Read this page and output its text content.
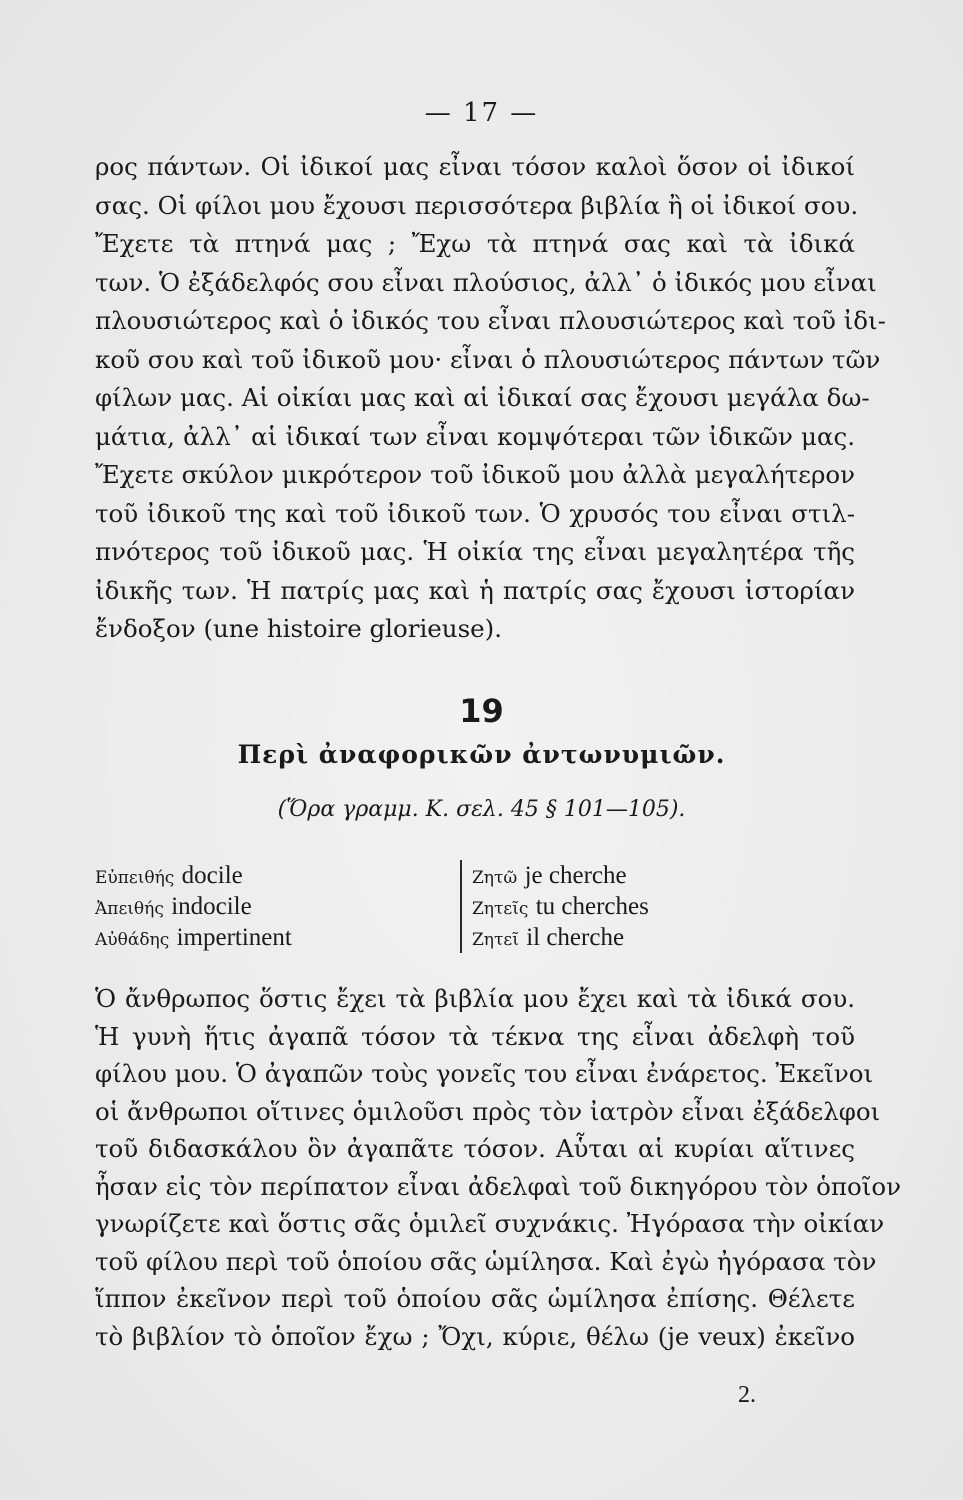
— 17 —
ρος πάντων. Οἱ ἰδικοί μας εἶναι τόσον καλοὶ ὅσον οἱ ἰδικοί
σας. Οἱ φίλοι μου ἔχουσι περισσότερα βιβλία ἢ οἱ ἰδικοί σου.
Ἔχετε τὰ πτηνά μας ; Ἔχω τὰ πτηνά σας καὶ τὰ ἰδικά
των. Ὁ ἐξάδελφός σου εἶναι πλούσιος, ἀλλ᾽ ὁ ἰδικός μου εἶναι
πλουσιώτερος καὶ ὁ ἰδικός του εἶναι πλουσιώτερος καὶ τοῦ ἰδι-
κοῦ σου καὶ τοῦ ἰδικοῦ μου· εἶναι ὁ πλουσιώτερος πάντων τῶν
φίλων μας. Αἱ οἰκίαι μας καὶ αἱ ἰδικαί σας ἔχουσι μεγάλα δω-
μάτια, ἀλλ᾽ αἱ ἰδικαί των εἶναι κομψότεραι τῶν ἰδικῶν μας.
Ἔχετε σκύλον μικρότερον τοῦ ἰδικοῦ μου ἀλλὰ μεγαλήτερον
τοῦ ἰδικοῦ της καὶ τοῦ ἰδικοῦ των. Ὁ χρυσός του εἶναι στιλ-
πνότερος τοῦ ἰδικοῦ μας. Ἡ οἰκία της εἶναι μεγαλητέρα τῆς
ἰδικῆς των. Ἡ πατρίς μας καὶ ἡ πατρίς σας ἔχουσι ἱστορίαν
ἔνδοξον (une histoire glorieuse).
19
Περὶ ἀναφορικῶν ἀντωνυμιῶν.
(Ὅρα γραμμ. Κ. σελ. 45 § 101—105).
Εὐπειθής docile
Ἀπειθής indocile
Αὐθάδης impertinent
Ζητῶ je cherche
Ζητεῖς tu cherches
Ζητεῖ il cherche
Ὁ ἄνθρωπος ὅστις ἔχει τὰ βιβλία μου ἔχει καὶ τὰ ἰδικά σου.
Ἡ γυνὴ ἥτις ἀγαπᾶ τόσον τὰ τέκνα της εἶναι ἀδελφὴ τοῦ
φίλου μου. Ὁ ἀγαπῶν τοὺς γονεῖς του εἶναι ἐνάρετος. Ἐκεῖνοι
οἱ ἄνθρωποι οἵτινες ὁμιλοῦσι πρὸς τὸν ἰατρὸν εἶναι ἐξάδελφοι
τοῦ διδασκάλου ὃν ἀγαπᾶτε τόσον. Αὗται αἱ κυρίαι αἵτινες
ἦσαν εἰς τὸν περίπατον εἶναι ἀδελφαὶ τοῦ δικηγόρου τὸν ὁποῖον
γνωρίζετε καὶ ὅστις σᾶς ὁμιλεῖ συχνάκις. Ἠγόρασα τὴν οἰκίαν
τοῦ φίλου περὶ τοῦ ὁποίου σᾶς ὡμίλησα. Καὶ ἐγὼ ἠγόρασα τὸν
ἵππον ἐκεῖνον περὶ τοῦ ὁποίου σᾶς ὡμίλησα ἐπίσης. Θέλετε
τὸ βιβλίον τὸ ὁποῖον ἔχω ; Ὄχι, κύριε, θέλω (je veux) ἐκεῖνο
2.
